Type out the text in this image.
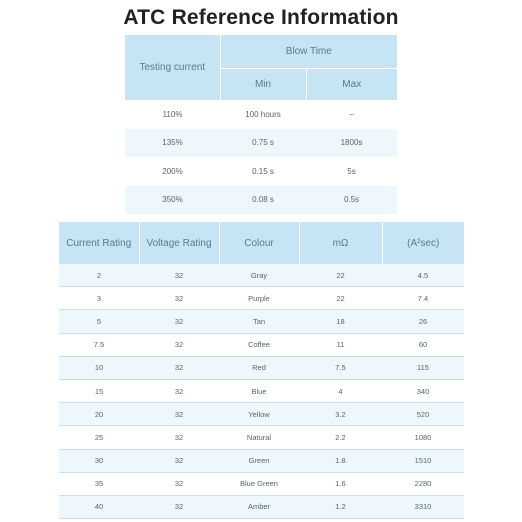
ATC Reference Information
Testing current	Blow Time	
	Min	Max
110%	100 hours	–
135%	0.75 s	1800s
200%	0.15 s	5s
350%	0.08 s	0.5s
Current Rating	Voltage Rating	Colour	mΩ	(A²sec)
2	32	Gray	22	4.5
3	32	Purple	22	7.4
5	32	Tan	18	26
7.5	32	Coffee	11	60
10	32	Red	7.5	115
15	32	Blue	4	340
20	32	Yellow	3.2	520
25	32	Natural	2.2	1080
30	32	Green	1.8	1510
35	32	Blue Green	1.6	2280
40	32	Amber	1.2	3310
